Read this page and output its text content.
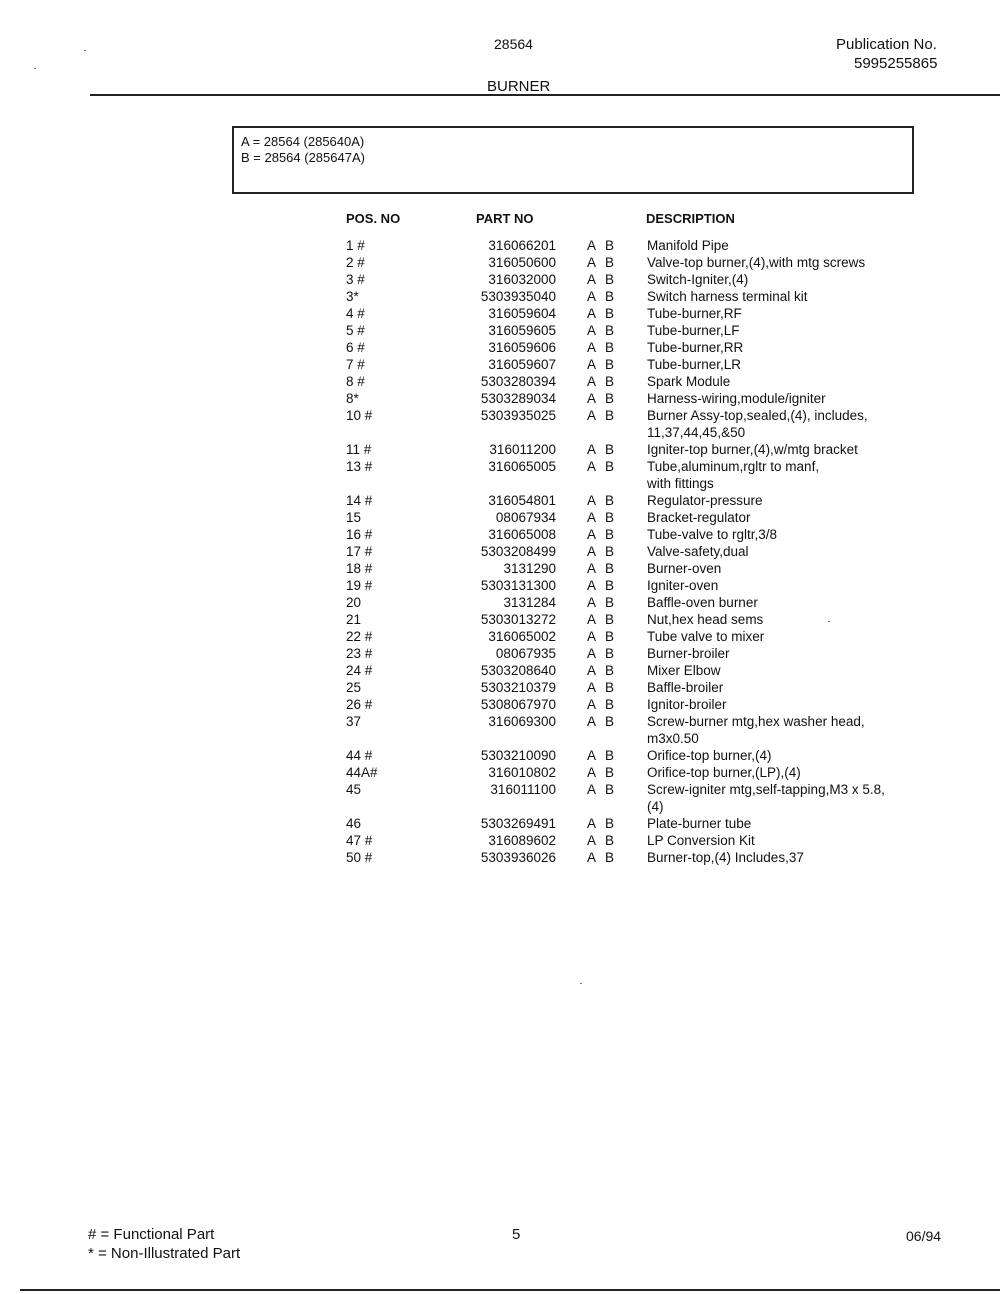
28564	Publication No.
5995255865
BURNER
A = 28564 (285640A)
B = 28564 (285647A)
POS. NO	PART NO	DESCRIPTION
1 #	316066201 A B Manifold Pipe
2 #	316050600 A B Valve-top burner,(4),with mtg screws
3 #	316032000 A B Switch-Igniter,(4)
3*	5303935040 A B Switch harness terminal kit
4 #	316059604 A B Tube-burner,RF
5 #	316059605 A B Tube-burner,LF
6 #	316059606 A B Tube-burner,RR
7 #	316059607 A B Tube-burner,LR
8 #	5303280394 A B Spark Module
8*	5303289034 A B Harness-wiring,module/igniter
10 #	5303935025 A B Burner Assy-top,sealed,(4), includes,
11,37,44,45,&50
11 #	316011200 A B Igniter-top burner,(4),w/mtg bracket
13 #	316065005 A B Tube,aluminum,rgltr to manf,
with fittings
14 #	316054801 A B Regulator-pressure
15	08067934 A B Bracket-regulator
16 #	316065008 A B Tube-valve to rgltr,3/8
17 #	5303208499 A B Valve-safety,dual
18 #	3131290 A B Burner-oven
19 #	5303131300 A B Igniter-oven
20	3131284 A B Baffle-oven burner
21	5303013272 A B Nut,hex head sems
22 #	316065002 A B Tube valve to mixer
23 #	08067935 A B Burner-broiler
24 #	5303208640 A B Mixer Elbow
25	5303210379 A B Baffle-broiler
26 #	5308067970 A B Ignitor-broiler
37	316069300 A B Screw-burner mtg,hex washer head,
m3x0.50
44 #	5303210090 A B Orifice-top burner,(4)
44A#	316010802 A B Orifice-top burner,(LP),(4)
45	316011100 A B Screw-igniter mtg,self-tapping,M3 x 5.8,
(4)
46	5303269491 A B Plate-burner tube
47 #	316089602 A B LP Conversion Kit
50 #	5303936026 A B Burner-top,(4) Includes,37
# = Functional Part
* = Non-Illustrated Part
5	06/94
